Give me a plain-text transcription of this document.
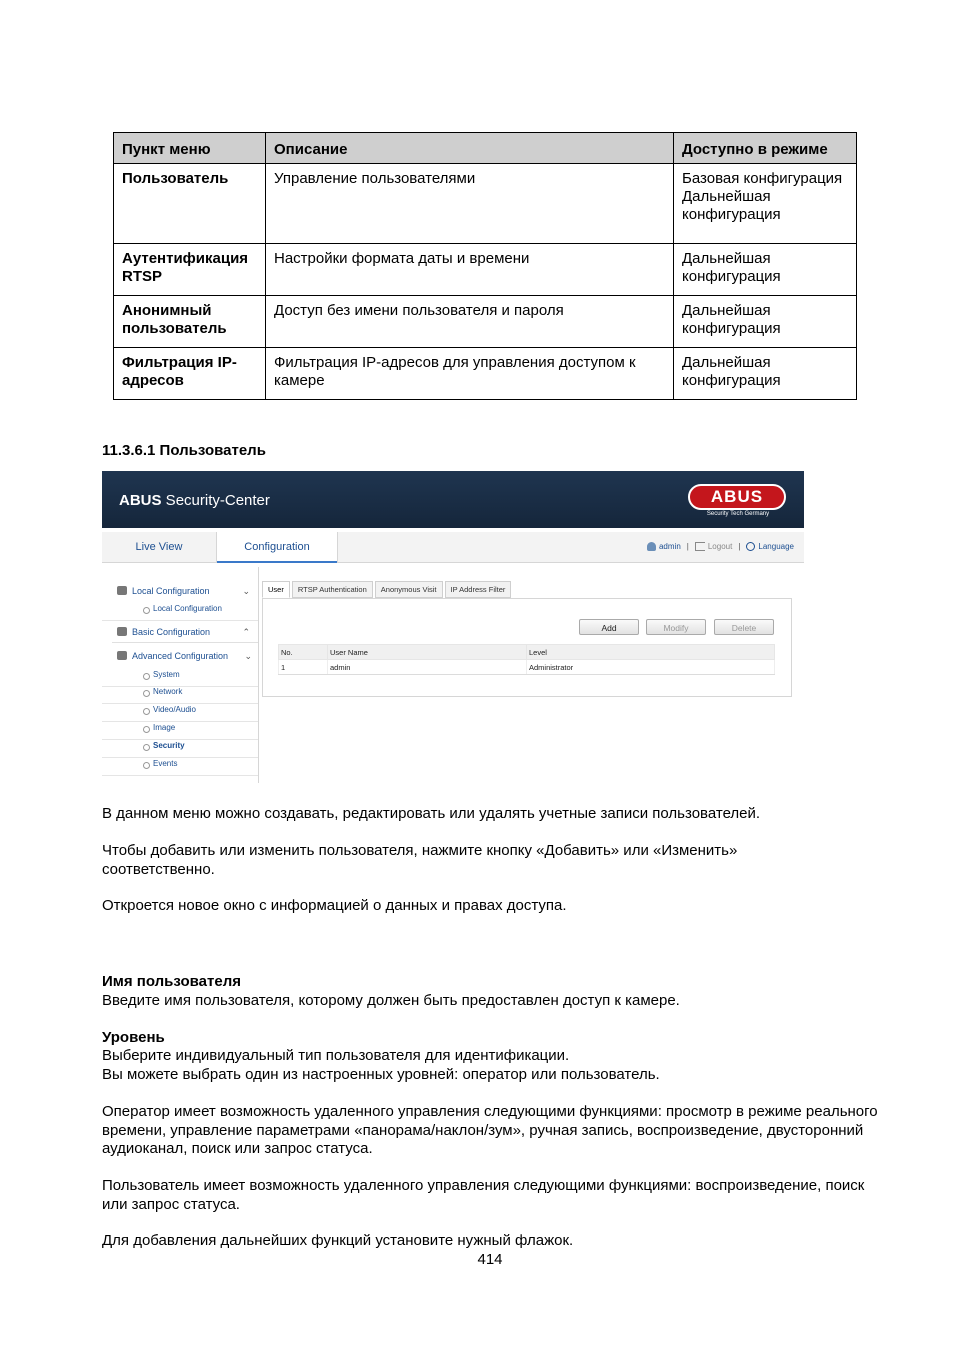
Пункт меню	Описание	Доступно в режиме
Пользователь	Управление пользователями	Базовая конфигурация Дальнейшая конфигурация
Аутентификация RTSP	Настройки формата даты и времени	Дальнейшая конфигурация
Анонимный пользователь	Доступ без имени пользователя и пароля	Дальнейшая конфигурация
Фильтрация IP-адресов	Фильтрация IP-адресов для управления доступом к камере	Дальнейшая конфигурация
11.3.6.1 Пользователь
ABUS Security-Center	ABUS
Security Tech Germany
Live View	Configuration	admin |	Logout |	Language
Local Configuration	⌄
Local Configuration
Basic Configuration	⌃
Advanced Configuration ⌄
System
Network
Video/Audio
Image
Security
Events
User	RTSP Authentication	Anonymous Visit	IP Address Filter
Add	Modify	Delete
No.	User Name	Level
1	admin	Administrator

В данном меню можно создавать, редактировать или удалять учетные записи пользователей.

Чтобы добавить или изменить пользователя, нажмите кнопку «Добавить» или «Изменить» соответственно.

Откроется новое окно с информацией о данных и правах доступа.

Имя пользователя

Введите имя пользователя, которому должен быть предоставлен доступ к камере.

Уровень

Выберите индивидуальный тип пользователя для идентификации.

Вы можете выбрать один из настроенных уровней: оператор или пользователь.

Оператор имеет возможность удаленного управления следующими функциями: просмотр в режиме реального времени, управление параметрами «панорама/наклон/зум», ручная запись, воспроизведение, двусторонний аудиоканал, поиск или запрос статуса.

Пользователь имеет возможность удаленного управления следующими функциями: воспроизведение, поиск или запрос статуса.

Для добавления дальнейших функций установите нужный флажок.

414
